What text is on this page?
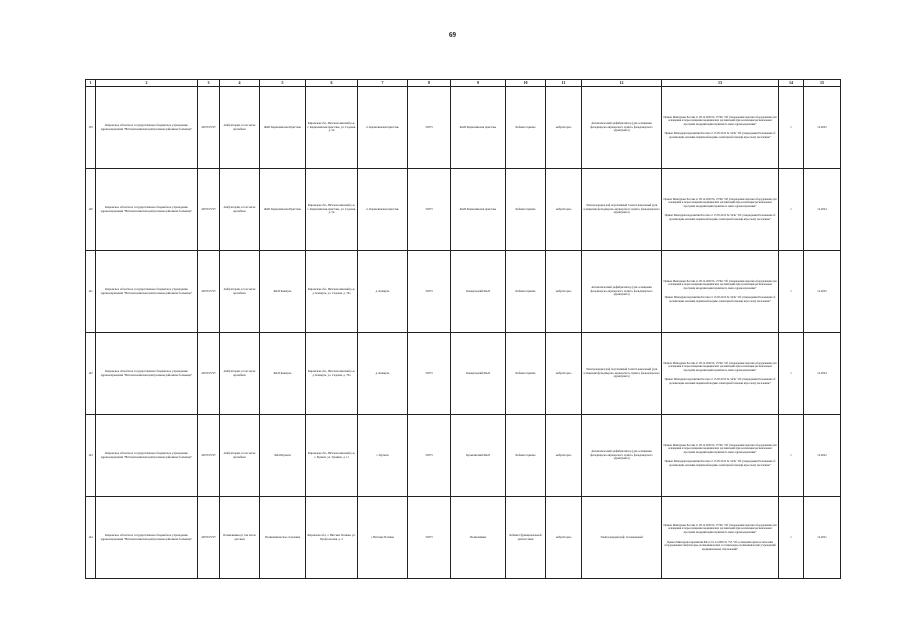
69
1	2	3	4	5	6	7	8	9	10	11	12	13	14	15
139	Кировское областное государственное бюджетное учреждение здравоохранения "Вятскополянская центральная районная больница"	4307015727	Амбулатория, в том числе врачебная	ФАП Кармалинская Пристань	Кировская обл., Вятскополянский р-н, с. Кармалинская пристань, ул. Садовая, д. 5в	п. Кармалинская пристань	31873	ФАП Кармалинская пристань	Кабинет приема	амбулаторно	Автоматический дефибриллятор (для оснащения фельдшерско-акушерского пункта, фельдшерского здравпункта)	Приказ Минздрава России от 28.12.2020 № 1379н "Об утверждении перечня оборудования для оснащения и переоснащения медицинских организаций при реализации региональных программ модернизации первичного звена здравоохранения"
Приказ Минздравсоцразвития России от 15.05.2012 № 543н "Об утверждении Положения об организации оказания первичной медико-санитарной помощи взрослому населению"	1	12.2025
140	Кировское областное государственное бюджетное учреждение здравоохранения "Вятскополянская центральная районная больница"	4307015727	Амбулатория, в том числе врачебная	ФАП Кармалинская Пристань	Кировская обл., Вятскополянский р-н, с. Кармалинская пристань, ул. Садовая, д. 5в	п. Кармалинская пристань	31873	ФАП Кармалинская пристань	Кабинет приема	амбулаторно	Электрокардиограф портативный 3-или 6-канальный (для оснащения фельдшерско-акушерского пункта, фельдшерского здравпункта)	Приказ Минздрава России от 28.12.2020 № 1379н "Об утверждении перечня оборудования для оснащения и переоснащения медицинских организаций при реализации региональных программ модернизации первичного звена здравоохранения"
Приказ Минздравсоцразвития России от 15.05.2012 № 543н "Об утверждении Положения об организации оказания первичной медико-санитарной помощи взрослому населению"	1	12.2024
141	Кировское областное государственное бюджетное учреждение здравоохранения "Вятскополянская центральная районная больница"	4307015727	Амбулатория, в том числе врачебная	ФАП Кашкуль	Кировская обл., Вятскополянский р-н, д. Кашкуль, ул. Садовая, д. 79а	д. Кашкуль	31873	Кашкульский ФАП	Кабинет приема	амбулаторно	Автоматический дефибриллятор (для оснащения фельдшерско-акушерского пункта, фельдшерского здравпункта)	Приказ Минздрава России от 28.12.2020 № 1379н "Об утверждении перечня оборудования для оснащения и переоснащения медицинских организаций при реализации региональных программ модернизации первичного звена здравоохранения"
Приказ Минздравсоцразвития России от 15.05.2012 № 543н "Об утверждении Положения об организации оказания первичной медико-санитарной помощи взрослому населению"	1	12.2025
142	Кировское областное государственное бюджетное учреждение здравоохранения "Вятскополянская центральная районная больница"	4307015727	Амбулатория, в том числе врачебная	ФАП Кашкуль	Кировская обл., Вятскополянский р-н, д. Кашкуль, ул. Садовая, д. 79а	д. Кашкуль	31873	Кашкульский ФАП	Кабинет приема	амбулаторно	Электрокардиограф портативный 3-или 6-канальный (для оснащения фельдшерско-акушерского пункта, фельдшерского здравпункта)	Приказ Минздрава России от 28.12.2020 № 1379н "Об утверждении перечня оборудования для оснащения и переоснащения медицинских организаций при реализации региональных программ модернизации первичного звена здравоохранения"
Приказ Минздравсоцразвития России от 15.05.2012 № 543н "Об утверждении Положения об организации оказания первичной медико-санитарной помощи взрослому населению"	1	12.2024
143	Кировское областное государственное бюджетное учреждение здравоохранения "Вятскополянская центральная районная больница"	4307015727	Амбулатория, в том числе врачебная	ФАП Кулыги	Кировская обл., Вятскополянский р-н, с. Кулыги, ул. Гренина, д. 11	с. Кулыги	31873	Кулыгинский ФАП	Кабинет приема	амбулаторно	Автоматический дефибриллятор (для оснащения фельдшерско-акушерского пункта, фельдшерского здравпункта)	Приказ Минздрава России от 28.12.2020 № 1379н "Об утверждении перечня оборудования для оснащения и переоснащения медицинских организаций при реализации региональных программ модернизации первичного звена здравоохранения"
Приказ Минздравсоцразвития России от 15.05.2012 № 543н "Об утверждении Положения об организации оказания первичной медико-санитарной помощи взрослому населению"	1	12.2022
144	Кировское областное государственное бюджетное учреждение здравоохранения "Вятскополянская центральная районная больница"	4307015727	Поликлиника (в том числе детская)	Поликлиническое отделение	Кировская обл., г. Вятские Поляны, ул. Профсоюзная, д. 2	г. Вятские Поляны	31873	Поликлиника	Кабинет функциональной диагностики	амбулаторно	Электрокардиограф 12-канальный	Приказ Минздрава России от 28.12.2020 № 1379н "Об утверждении перечня оборудования для оснащения и переоснащения медицинских организаций при реализации региональных программ модернизации первичного звена здравоохранения"
Приказ Минздравсоцразвития РФ от 01.12.2005 № 753 "Об оснащении диагностическим оборудованием амбулаторно-поликлинических и стационарно-поликлинических учреждений муниципальных образований"	1	12.2021
